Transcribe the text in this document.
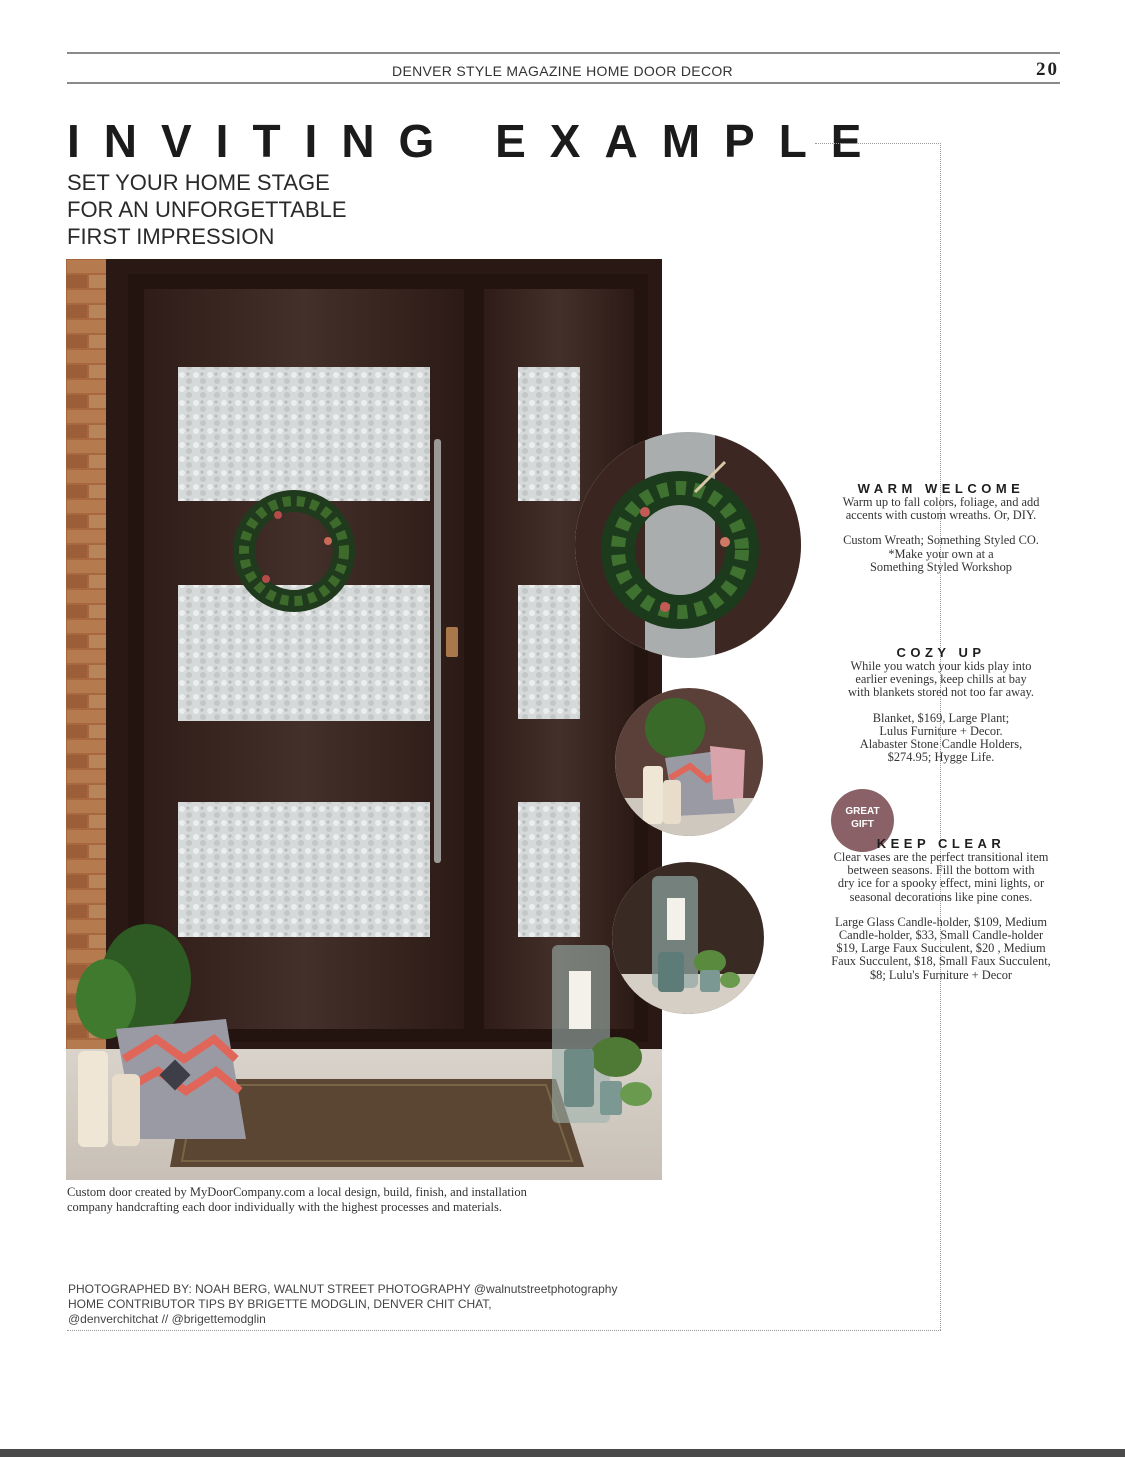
DENVER STYLE MAGAZINE HOME DOOR DECOR	20
INVITING EXAMPLE
SET YOUR HOME STAGE
FOR AN UNFORGETTABLE
FIRST IMPRESSION
Custom door created by MyDoorCompany.com a local design, build, finish, and installation
company handcrafting each door individually with the highest processes and materials.
PHOTOGRAPHED BY: NOAH BERG, WALNUT STREET PHOTOGRAPHY @walnutstreetphotography
HOME CONTRIBUTOR TIPS BY BRIGETTE MODGLIN, DENVER CHIT CHAT,
@denverchitchat // @brigettemodglin
WARM WELCOME
Warm up to fall colors, foliage, and add
accents with custom wreaths. Or, DIY.
Custom Wreath; Something Styled CO.
*Make your own at a
Something Styled Workshop
COZY UP
While you watch your kids play into
earlier evenings, keep chills at bay
with blankets stored not too far away.
Blanket, $169, Large Plant;
Lulus Furniture + Decor.
Alabaster Stone Candle Holders,
$274.95; Hygge Life.
GREAT
GIFT
KEEP CLEAR
Clear vases are the perfect transitional item
between seasons. Fill the bottom with
dry ice for a spooky effect, mini lights, or
seasonal decorations like pine cones.
Large Glass Candle-holder, $109, Medium
Candle-holder, $33, Small Candle-holder
$19, Large Faux Succulent, $20 , Medium
Faux Succulent, $18, Small Faux Succulent,
$8; Lulu's Furniture + Decor
